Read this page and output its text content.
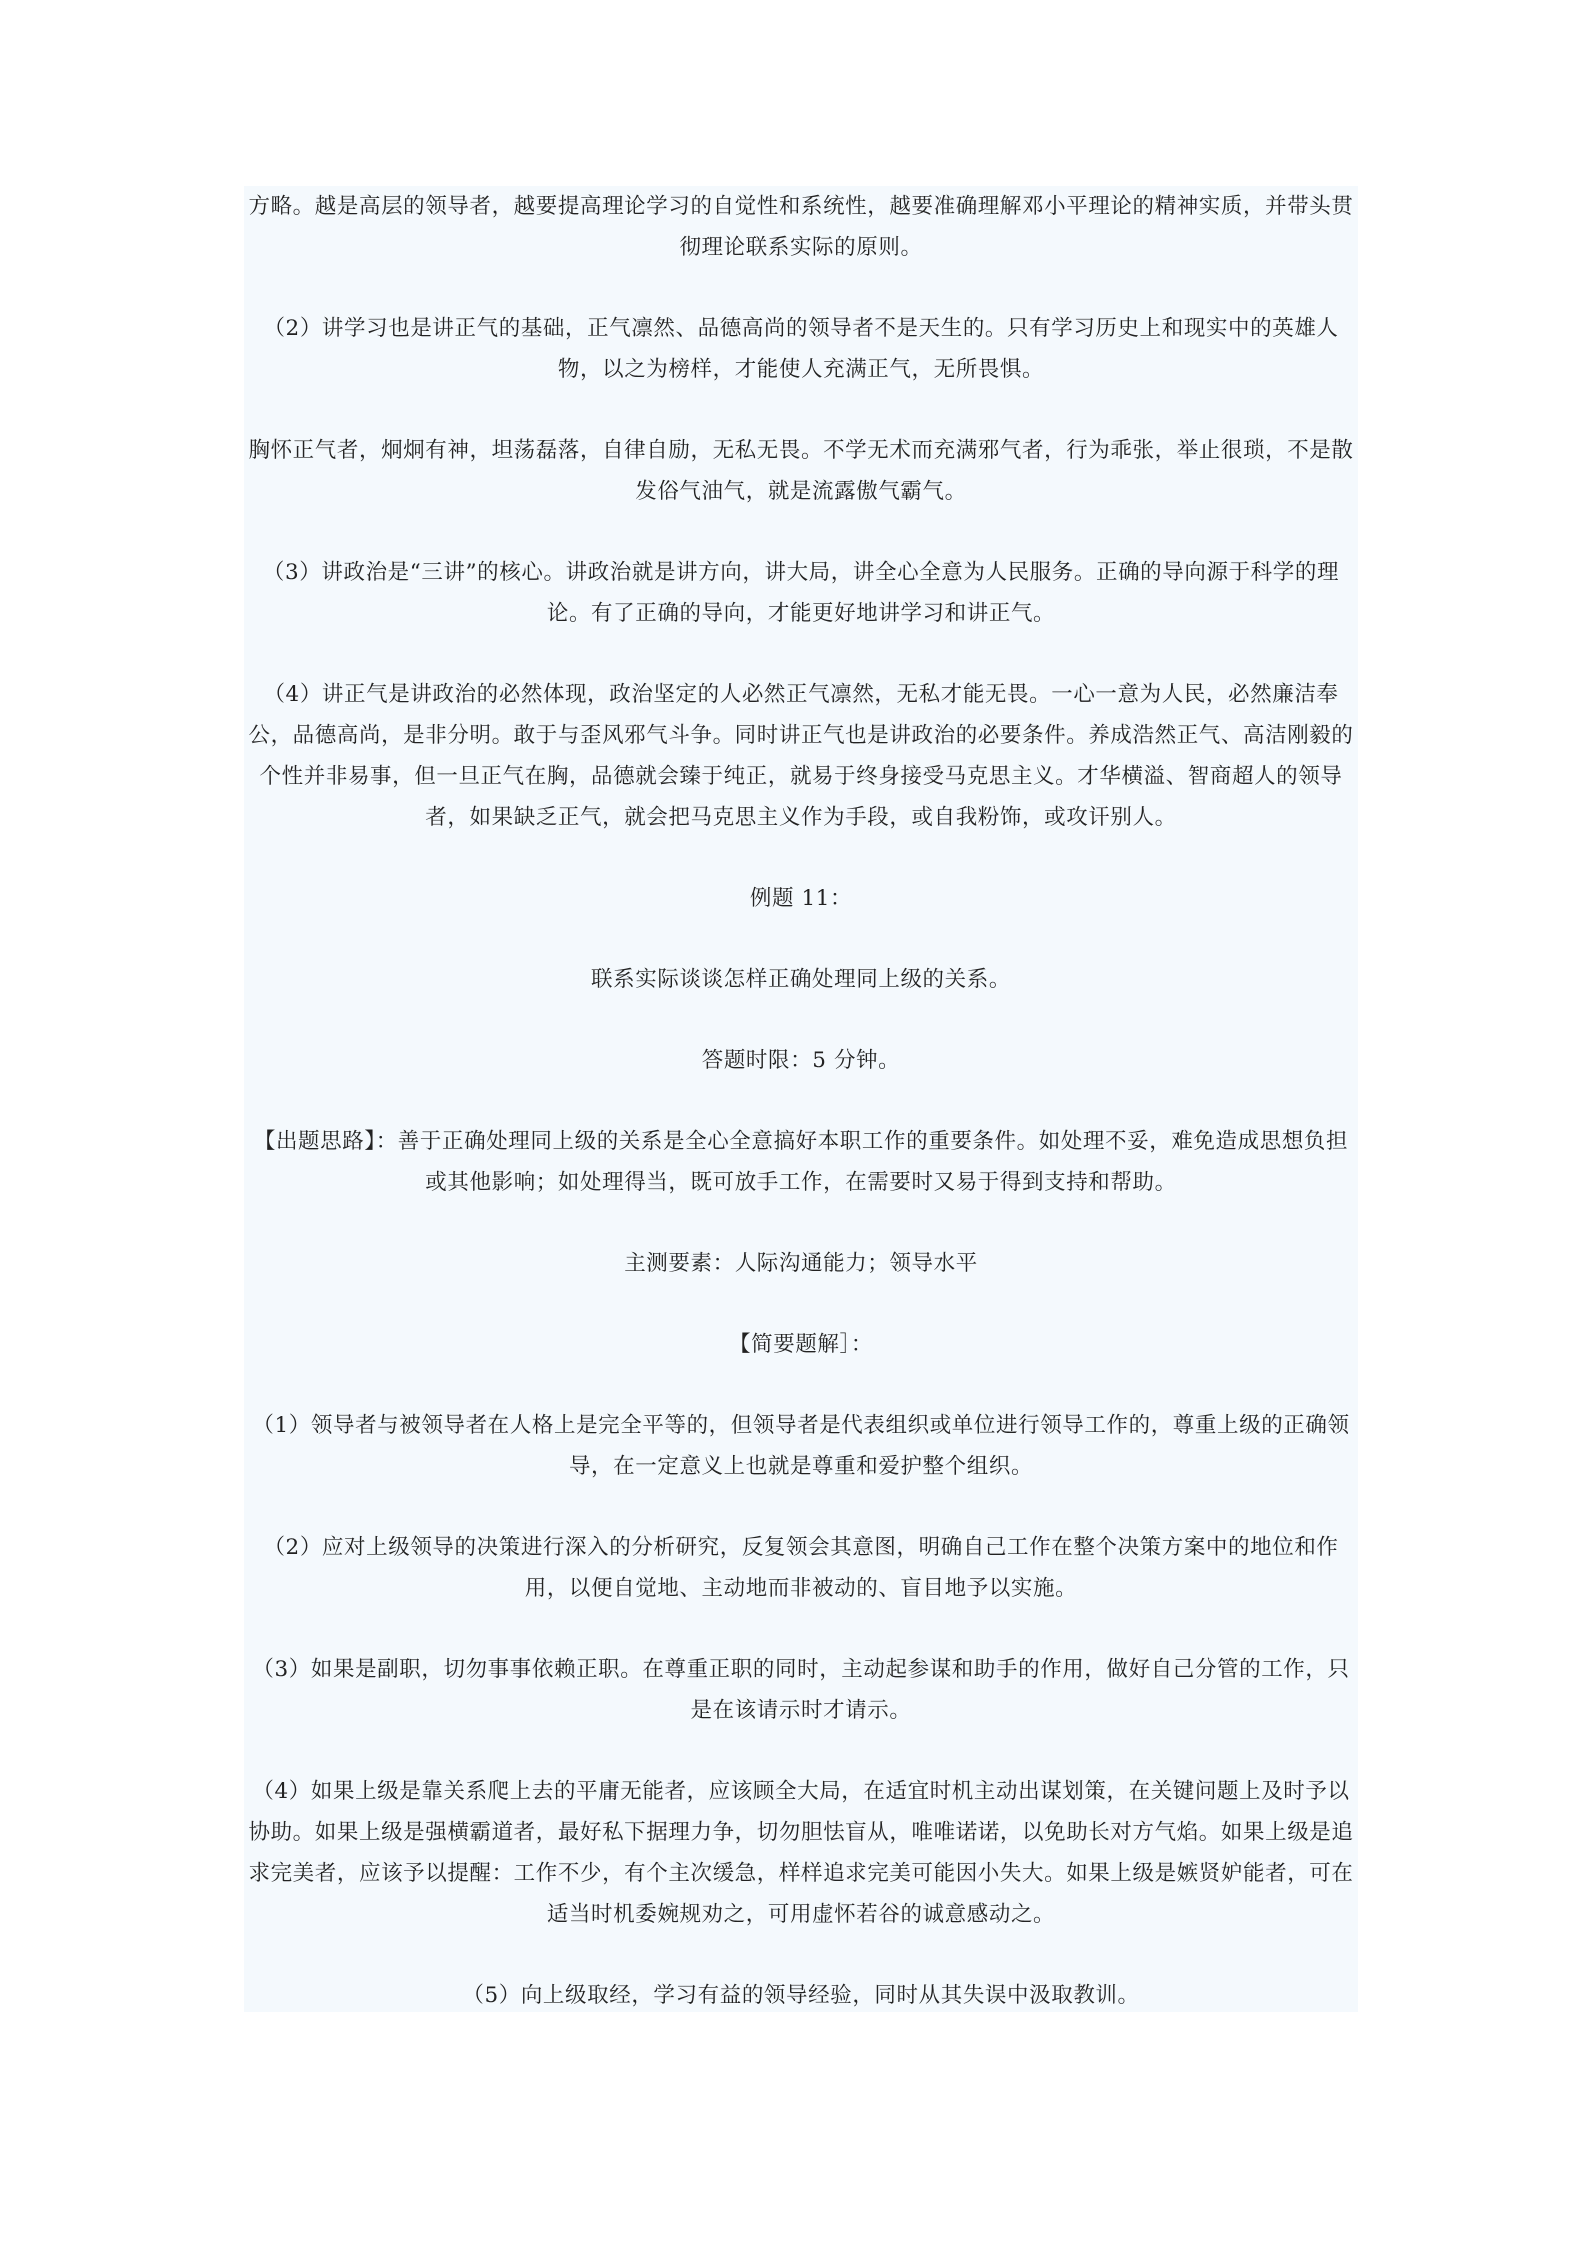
方略。越是高层的领导者，越要提高理论学习的自觉性和系统性，越要准确理解邓小平理论的精神实质，并带头贯彻理论联系实际的原则。

（2）讲学习也是讲正气的基础，正气凛然、品德高尚的领导者不是天生的。只有学习历史上和现实中的英雄人物，以之为榜样，才能使人充满正气，无所畏惧。

胸怀正气者，炯炯有神，坦荡磊落，自律自励，无私无畏。不学无术而充满邪气者，行为乖张，举止很琐，不是散发俗气油气，就是流露傲气霸气。

（3）讲政治是“三讲”的核心。讲政治就是讲方向，讲大局，讲全心全意为人民服务。正确的导向源于科学的理论。有了正确的导向，才能更好地讲学习和讲正气。

（4）讲正气是讲政治的必然体现，政治坚定的人必然正气凛然，无私才能无畏。一心一意为人民，必然廉洁奉公，品德高尚，是非分明。敢于与歪风邪气斗争。同时讲正气也是讲政治的必要条件。养成浩然正气、高洁刚毅的个性并非易事，但一旦正气在胸，品德就会臻于纯正，就易于终身接受马克思主义。才华横溢、智商超人的领导者，如果缺乏正气，就会把马克思主义作为手段，或自我粉饰，或攻讦别人。

例题 11：

联系实际谈谈怎样正确处理同上级的关系。

答题时限：5 分钟。

【出题思路】：善于正确处理同上级的关系是全心全意搞好本职工作的重要条件。如处理不妥，难免造成思想负担或其他影响；如处理得当，既可放手工作，在需要时又易于得到支持和帮助。

主测要素：人际沟通能力；领导水平

【简要题解］：

（1）领导者与被领导者在人格上是完全平等的，但领导者是代表组织或单位进行领导工作的，尊重上级的正确领导，在一定意义上也就是尊重和爱护整个组织。

（2）应对上级领导的决策进行深入的分析研究，反复领会其意图，明确自己工作在整个决策方案中的地位和作用，以便自觉地、主动地而非被动的、盲目地予以实施。

（3）如果是副职，切勿事事依赖正职。在尊重正职的同时，主动起参谋和助手的作用，做好自己分管的工作，只是在该请示时才请示。

（4）如果上级是靠关系爬上去的平庸无能者，应该顾全大局，在适宜时机主动出谋划策，在关键问题上及时予以协助。如果上级是强横霸道者，最好私下据理力争，切勿胆怯盲从，唯唯诺诺，以免助长对方气焰。如果上级是追求完美者，应该予以提醒：工作不少，有个主次缓急，样样追求完美可能因小失大。如果上级是嫉贤妒能者，可在适当时机委婉规劝之，可用虚怀若谷的诚意感动之。

（5）向上级取经，学习有益的领导经验，同时从其失误中汲取教训。
